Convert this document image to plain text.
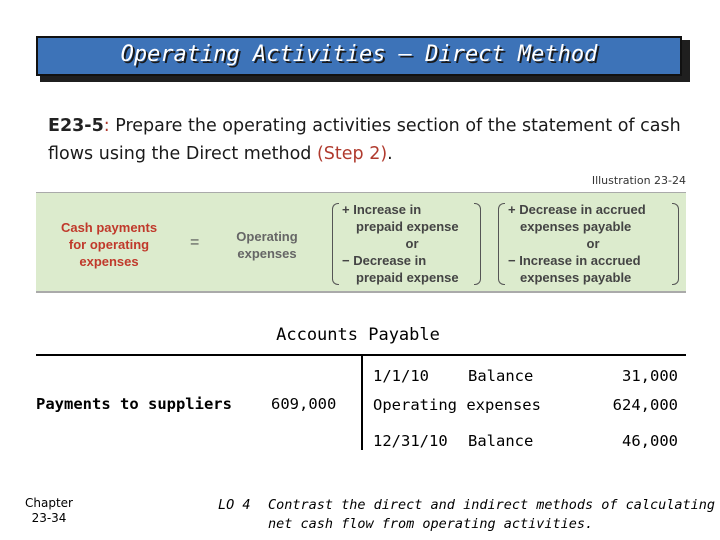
Operating Activities — Direct Method
E23-5: Prepare the operating activities section of the statement of cash flows using the Direct method (Step 2).
Illustration 23-24
Cash payments for operating expenses
=	Operating expenses
+ Increase in
prepaid expense
or
− Decrease in
prepaid expense
+ Decrease in accrued
expenses payable
or
− Increase in accrued
expenses payable
Accounts Payable
Payments to suppliers	609,000
1/1/10	Balance	31,000
Operating expenses	624,000
12/31/10 Balance	46,000
Chapter
23-34
LO 4 Contrast the direct and indirect methods of calculating
net cash flow from operating activities.
